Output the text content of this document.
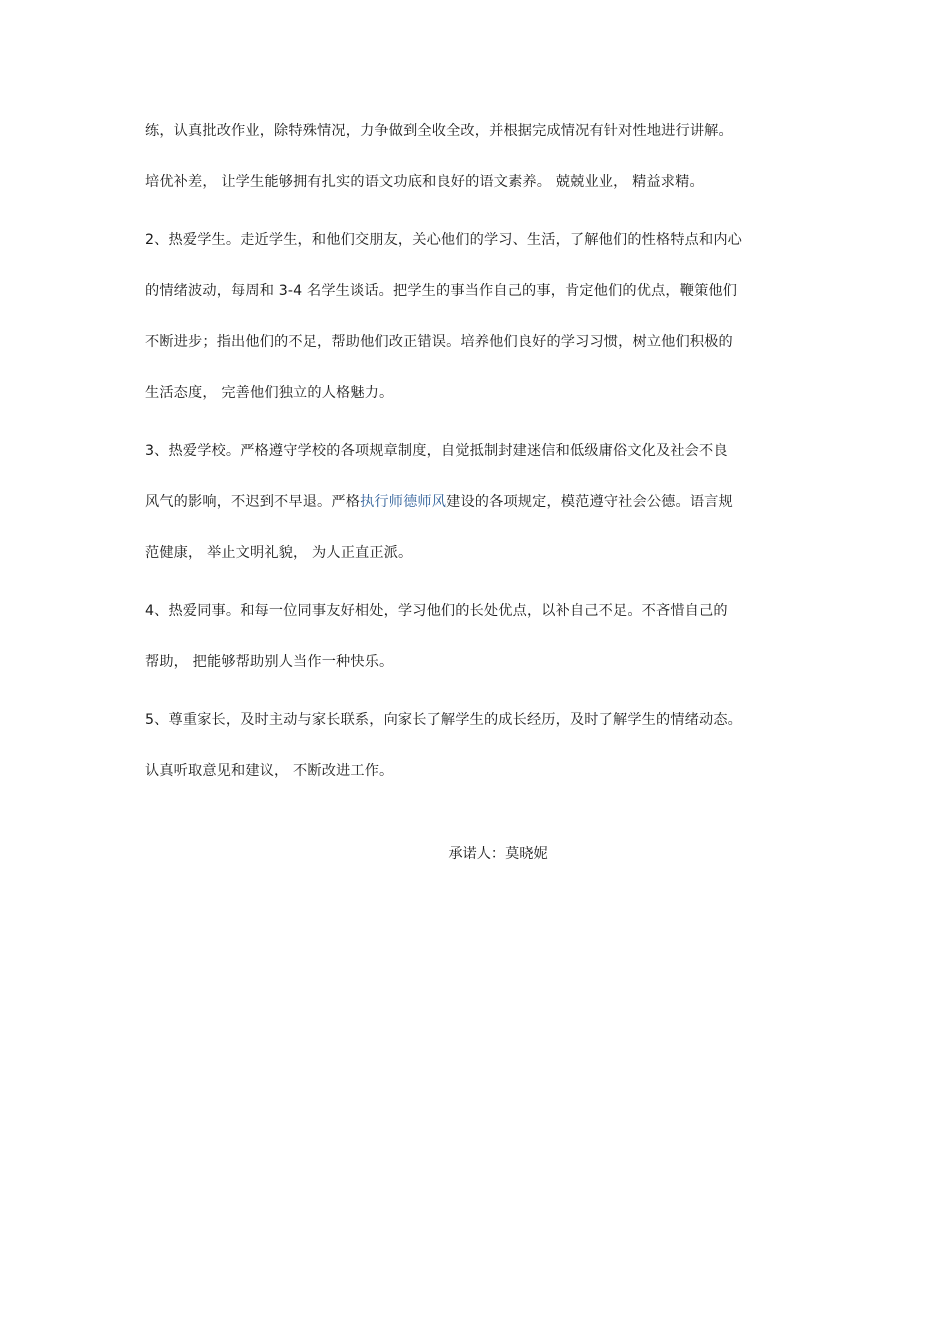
练，认真批改作业，除特殊情况，力争做到全收全改，并根据完成情况有针对性地进行讲解。
培优补差， 让学生能够拥有扎实的语文功底和良好的语文素养。 兢兢业业， 精益求精。
2、热爱学生。走近学生，和他们交朋友，关心他们的学习、生活，了解他们的性格特点和内心
的情绪波动，每周和 3-4 名学生谈话。把学生的事当作自己的事，肯定他们的优点，鞭策他们
不断进步；指出他们的不足，帮助他们改正错误。培养他们良好的学习习惯，树立他们积极的
生活态度， 完善他们独立的人格魅力。
3、热爱学校。严格遵守学校的各项规章制度，自觉抵制封建迷信和低级庸俗文化及社会不良
风气的影响，不迟到不早退。严格执行师德师风建设的各项规定，模范遵守社会公德。语言规
范健康， 举止文明礼貌， 为人正直正派。
4、热爱同事。和每一位同事友好相处，学习他们的长处优点，以补自己不足。不吝惜自己的
帮助， 把能够帮助别人当作一种快乐。
5、尊重家长，及时主动与家长联系，向家长了解学生的成长经历，及时了解学生的情绪动态。
认真听取意见和建议， 不断改进工作。
承诺人：莫晓妮
